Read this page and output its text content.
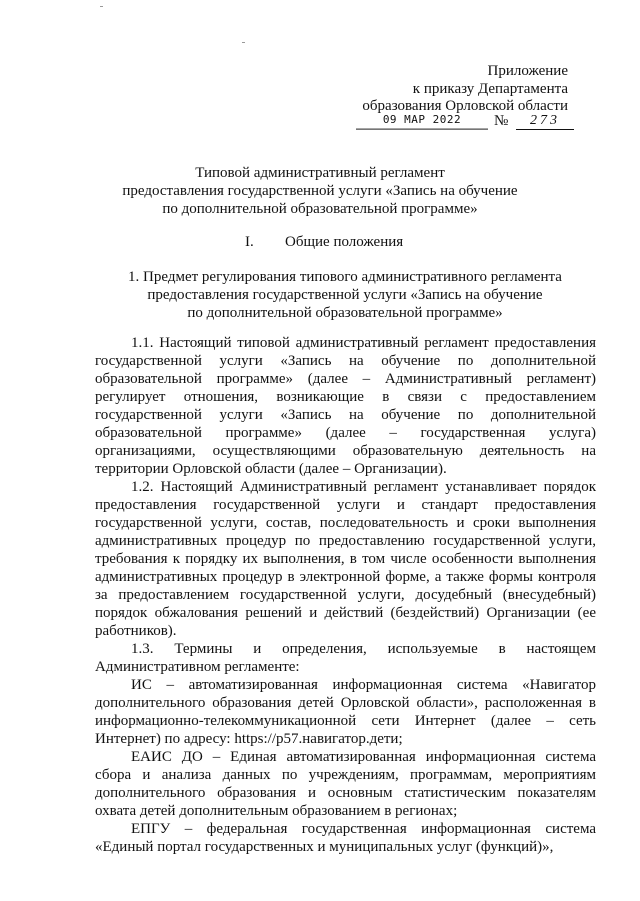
Приложение
к приказу Департамента
образования Орловской области
09 МАР 2022	№	273
Типовой административный регламент
предоставления государственной услуги «Запись на обучение
по дополнительной образовательной программе»
I. Общие положения
1. Предмет регулирования типового административного регламента
предоставления государственной услуги «Запись на обучение
по дополнительной образовательной программе»

1.1. Настоящий типовой административный регламент предоставления государственной услуги «Запись на обучение по дополнительной образовательной программе» (далее – Административный регламент) регулирует отношения, возникающие в связи с предоставлением государственной услуги «Запись на обучение по дополнительной образовательной программе» (далее – государственная услуга) организациями, осуществляющими образовательную деятельность на территории Орловской области (далее – Организации).

1.2. Настоящий Административный регламент устанавливает порядок предоставления государственной услуги и стандарт предоставления государственной услуги, состав, последовательность и сроки выполнения административных процедур по предоставлению государственной услуги, требования к порядку их выполнения, в том числе особенности выполнения административных процедур в электронной форме, а также формы контроля за предоставлением государственной услуги, досудебный (внесудебный) порядок обжалования решений и действий (бездействий) Организации (ее работников).

1.3. Термины и определения, используемые в настоящем Административном регламенте:

ИС – автоматизированная информационная система «Навигатор дополнительного образования детей Орловской области», расположенная в информационно-телекоммуникационной сети Интернет (далее – сеть Интернет) по адресу: https://p57.навигатор.дети;

ЕАИС ДО – Единая автоматизированная информационная система сбора и анализа данных по учреждениям, программам, мероприятиям дополнительного образования и основным статистическим показателям охвата детей дополнительным образованием в регионах;

ЕПГУ – федеральная государственная информационная система «Единый портал государственных и муниципальных услуг (функций)»,
